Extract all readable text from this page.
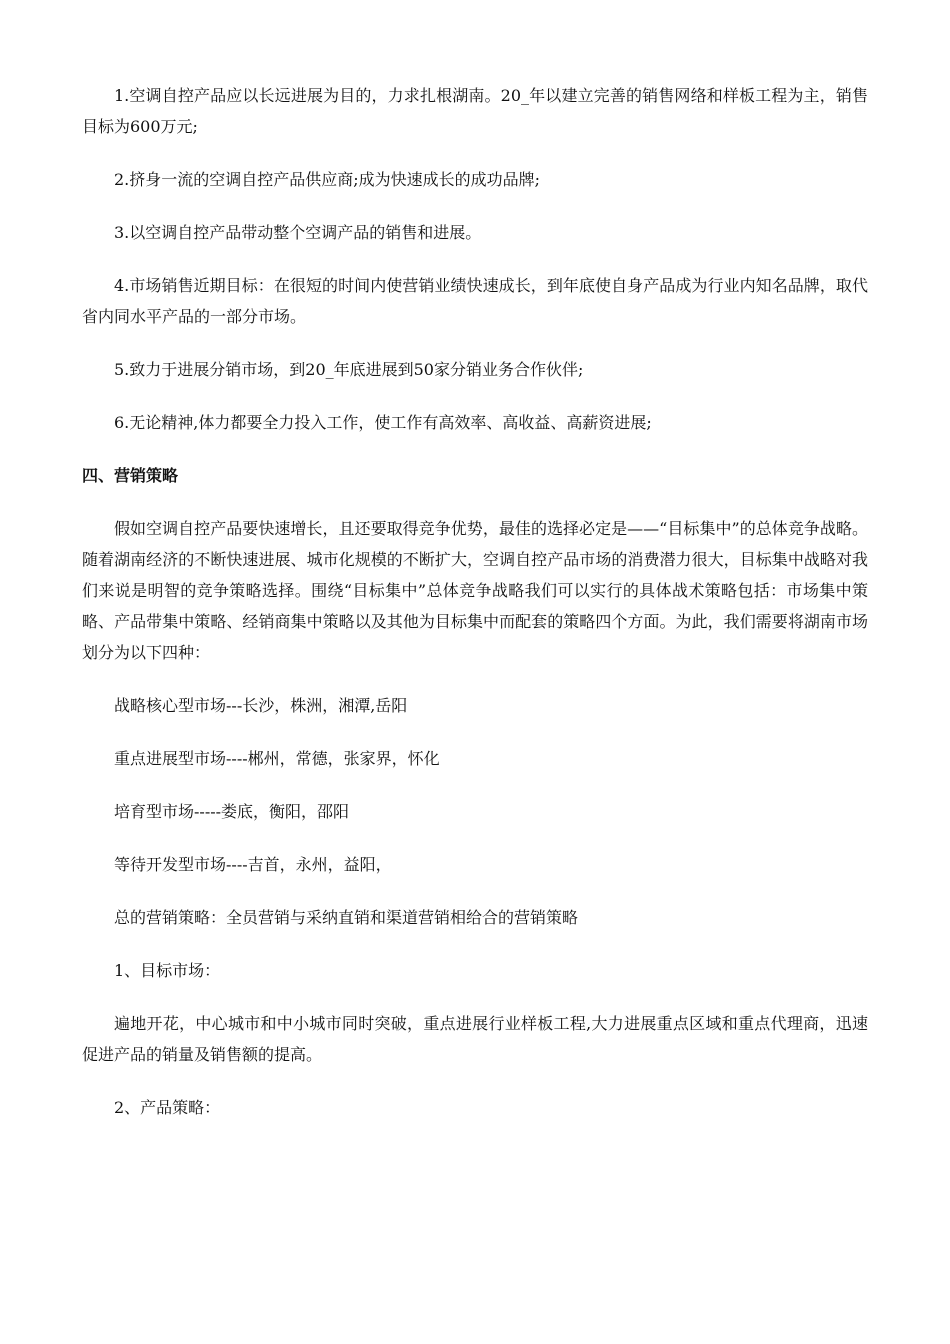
1.空调自控产品应以长远进展为目的，力求扎根湖南。20_年以建立完善的销售网络和样板工程为主，销售目标为600万元;

2.挤身一流的空调自控产品供应商;成为快速成长的成功品牌;

3.以空调自控产品带动整个空调产品的销售和进展。

4.市场销售近期目标：在很短的时间内使营销业绩快速成长，到年底使自身产品成为行业内知名品牌，取代省内同水平产品的一部分市场。

5.致力于进展分销市场，到20_年底进展到50家分销业务合作伙伴;

6.无论精神,体力都要全力投入工作，使工作有高效率、高收益、高薪资进展;

四、营销策略

假如空调自控产品要快速增长，且还要取得竞争优势，最佳的选择必定是——“目标集中”的总体竞争战略。随着湖南经济的不断快速进展、城市化规模的不断扩大，空调自控产品市场的消费潜力很大，目标集中战略对我们来说是明智的竞争策略选择。围绕“目标集中”总体竞争战略我们可以实行的具体战术策略包括：市场集中策略、产品带集中策略、经销商集中策略以及其他为目标集中而配套的策略四个方面。为此，我们需要将湖南市场划分为以下四种：

战略核心型市场---长沙，株洲，湘潭,岳阳

重点进展型市场----郴州，常德，张家界，怀化

培育型市场-----娄底，衡阳，邵阳

等待开发型市场----吉首，永州，益阳，

总的营销策略：全员营销与采纳直销和渠道营销相给合的营销策略

1、目标市场：

遍地开花，中心城市和中小城市同时突破，重点进展行业样板工程,大力进展重点区域和重点代理商，迅速促进产品的销量及销售额的提高。

2、产品策略：
